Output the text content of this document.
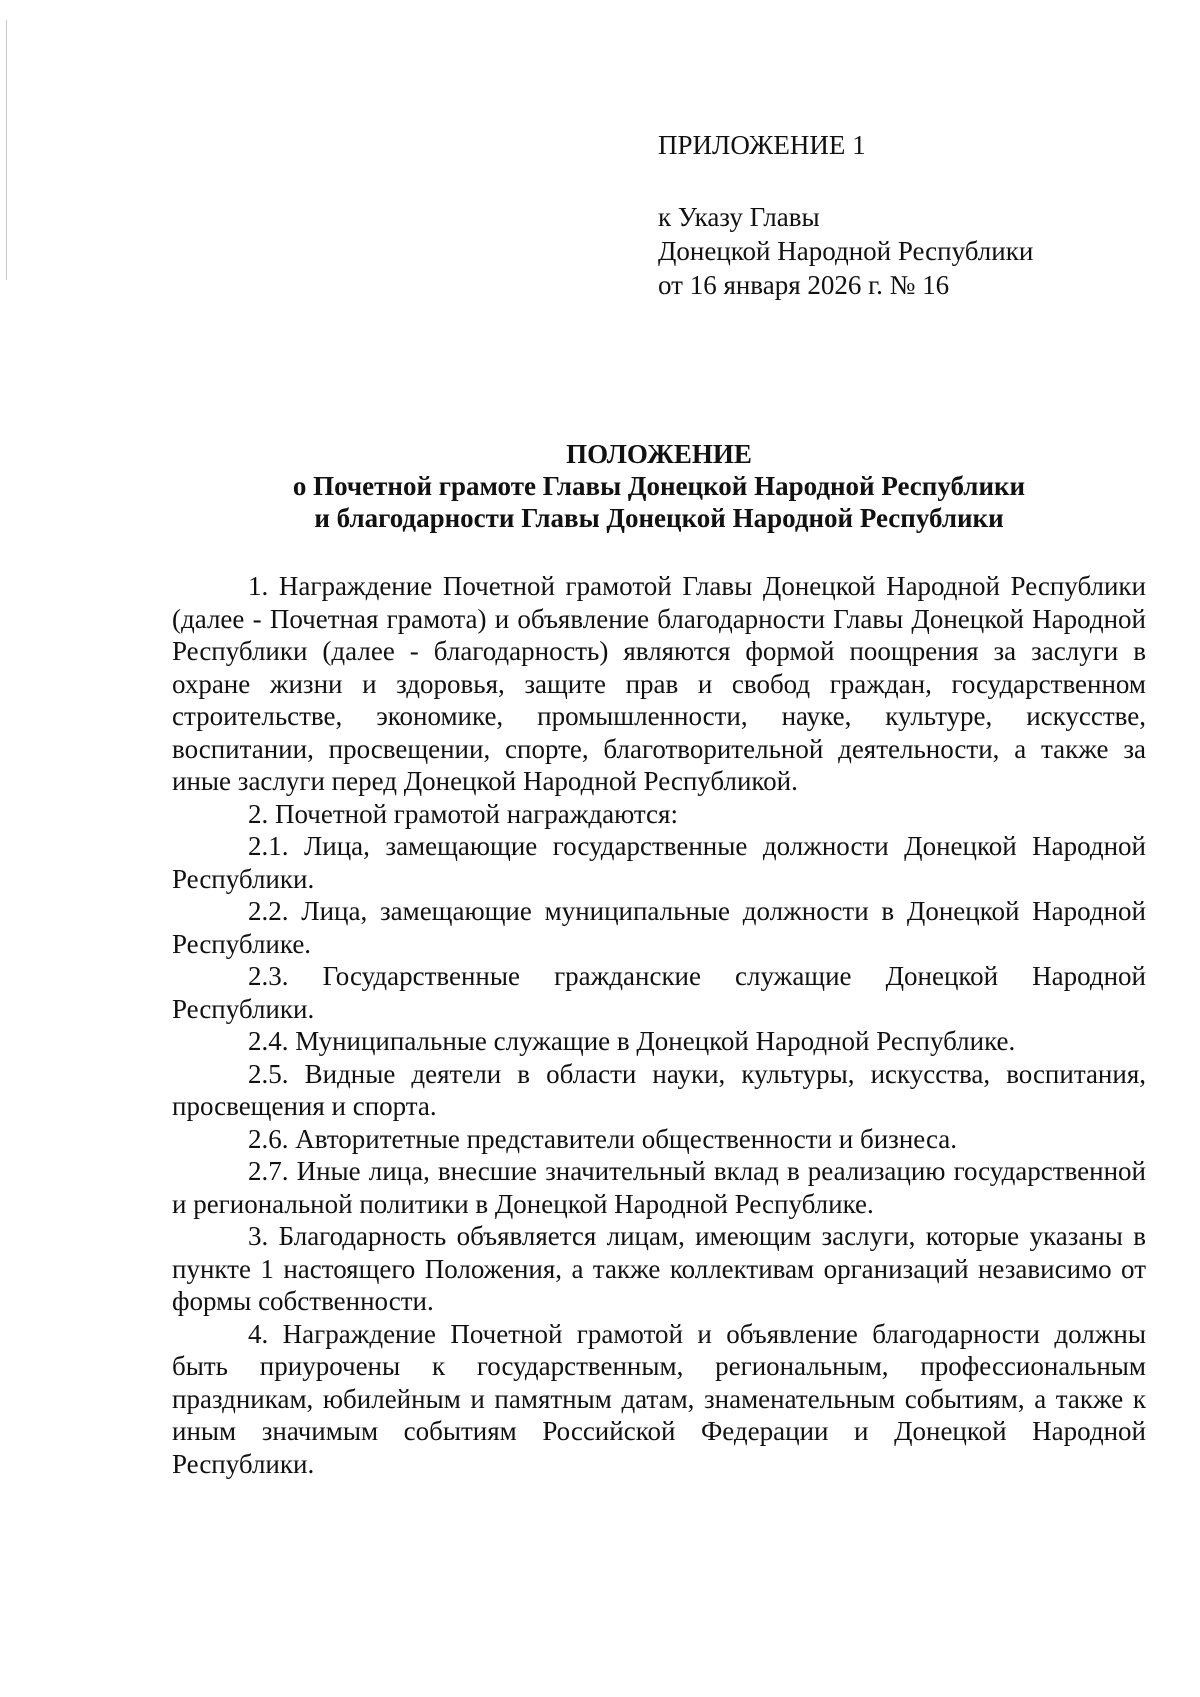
ПРИЛОЖЕНИЕ 1
к Указу Главы
Донецкой Народной Республики
от 16 января 2026 г. № 16
ПОЛОЖЕНИЕ
о Почетной грамоте Главы Донецкой Народной Республики
и благодарности Главы Донецкой Народной Республики

1. Награждение Почетной грамотой Главы Донецкой Народной Республики (далее - Почетная грамота) и объявление благодарности Главы Донецкой Народной Республики (далее - благодарность) являются формой поощрения за заслуги в охране жизни и здоровья, защите прав и свобод граждан, государственном строительстве, экономике, промышленности, науке, культуре, искусстве, воспитании, просвещении, спорте, благотворительной деятельности, а также за иные заслуги перед Донецкой Народной Республикой.

2. Почетной грамотой награждаются:

2.1. Лица, замещающие государственные должности Донецкой Народной Республики.

2.2. Лица, замещающие муниципальные должности в Донецкой Народной Республике.

2.3. Государственные гражданские служащие Донецкой Народной Республики.

2.4. Муниципальные служащие в Донецкой Народной Республике.

2.5. Видные деятели в области науки, культуры, искусства, воспитания, просвещения и спорта.

2.6. Авторитетные представители общественности и бизнеса.

2.7. Иные лица, внесшие значительный вклад в реализацию государственной и региональной политики в Донецкой Народной Республике.

3. Благодарность объявляется лицам, имеющим заслуги, которые указаны в пункте 1 настоящего Положения, а также коллективам организаций независимо от формы собственности.

4. Награждение Почетной грамотой и объявление благодарности должны быть приурочены к государственным, региональным, профессиональным праздникам, юбилейным и памятным датам, знаменательным событиям, а также к иным значимым событиям Российской Федерации и Донецкой Народной Республики.
